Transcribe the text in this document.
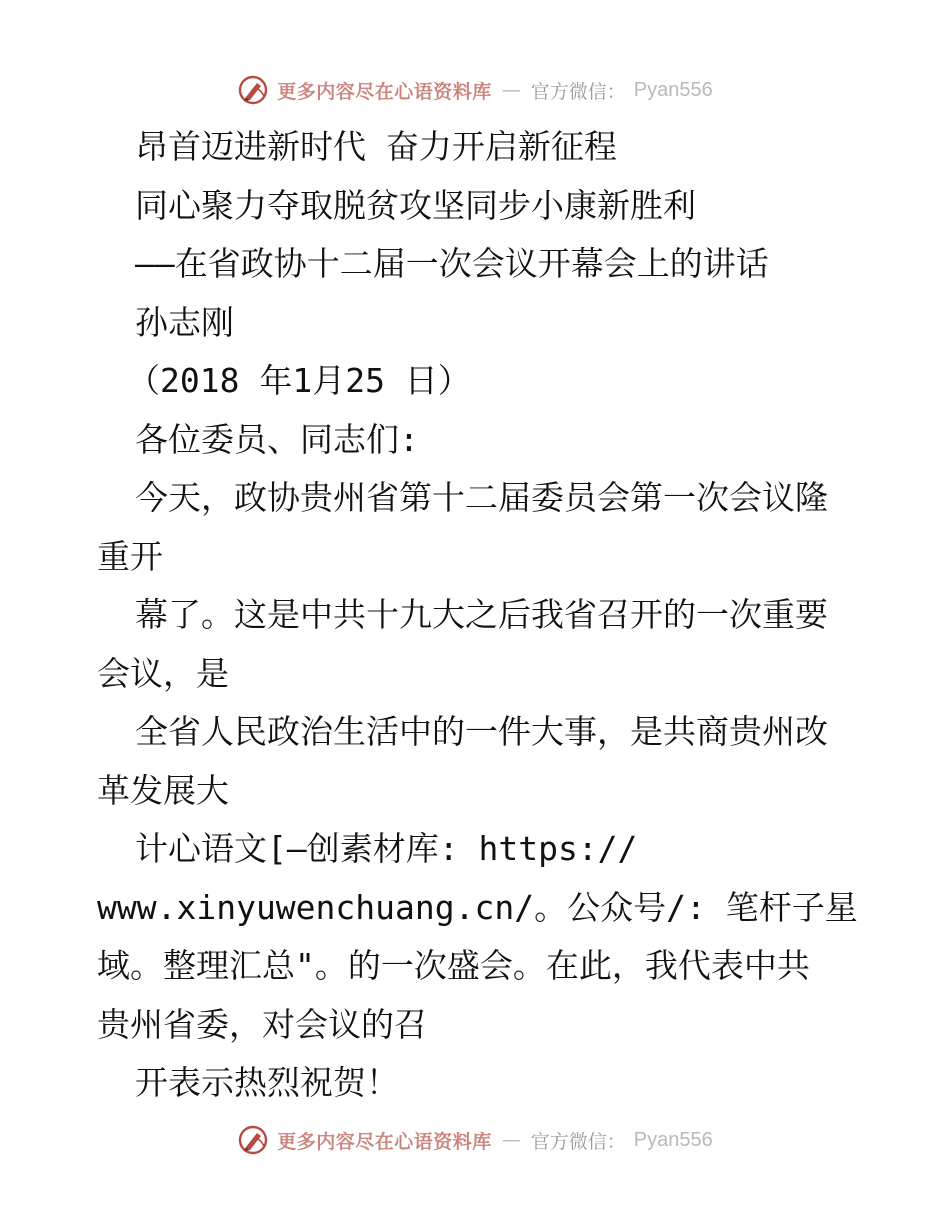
更多内容尽在心语资料库 — 官方微信： Pyan556
昂首迈进新时代 奋力开启新征程
同心聚力夺取脱贫攻坚同步小康新胜利
——在省政协十二届一次会议开幕会上的讲话
孙志刚
（2018 年1月25 日）
各位委员、同志们:
今天，政协贵州省第十二届委员会第一次会议隆
重开
幕了。这是中共十九大之后我省召开的一次重要
会议，是
全省人民政治生活中的一件大事，是共商贵州改
革发展大
计心语文[—创素材库: https://
www.xinyuwenchuang.cn/。公众号/: 笔杆子星
域。整理汇总"。的一次盛会。在此，我代表中共
贵州省委，对会议的召
开表示热烈祝贺！
更多内容尽在心语资料库 — 官方微信： Pyan556
